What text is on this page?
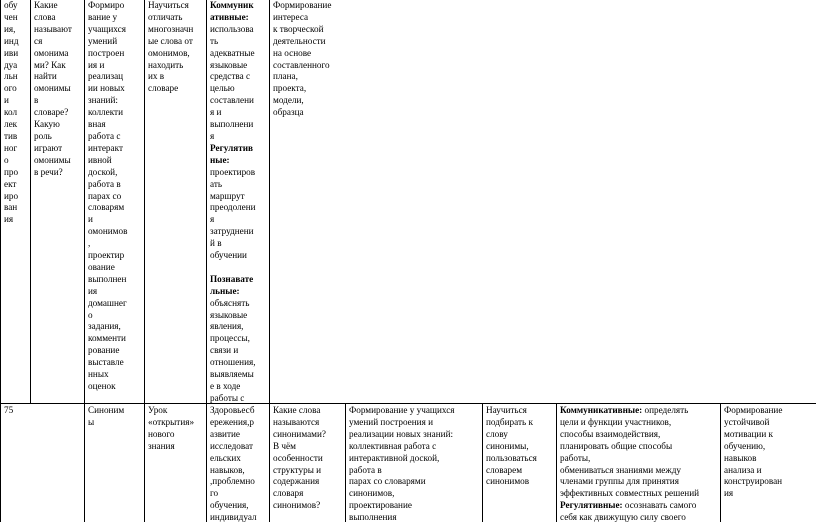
обу
чен
ия,
инд
иви
дуа
льн
ого
и
кол
лек
тив
ног
о
про
ект
иро
ван
ия
Какие
слова
называют
ся
омонима
ми? Как
найти
омонимы
в
словаре?
Какую
роль
играют
омонимы
в речи?
Формиро
вание у
учащихся
умений
построен
ия и
реализац
ии новых
знаний:
коллекти
вная
работа с
интеракт
ивной
доской,
работа в
парах со
словарям
и
омонимов
,
проектир
ование
выполнен
ия
домашнег
о
задания,
комменти
рование
выставле
нных
оценок
Научиться
отличать
многозначн
ые слова от
омонимов,
находить
их в
словаре
Коммуник
ативные:
использова
ть
адекватные
языковые
средства с
целью
составлени
я и
выполнени
я
Регулятив
ные:
проектиров
ать
маршрут
преодолени
я
затруднени
й в
обучении
Познавате
льные:
объяснять
языковые
явления,
процессы,
связи и
отношения,
выявляемы
е в ходе
работы с

Формирование
интереса
к творческой
деятельности
на основе
составленного
плана,
проекта,
модели,
образца
75	Синоним
ы
Урок
«открытия»
нового
знания
Здоровьесб
ережения,р
азвитие
исследоват
ельских
навыков,
,проблемно
го
обучения,
индивидуал
Какие слова
называются
синонимами?
В чём
особенности
структуры и
содержания
словаря
синонимов?
Формирование у учащихся
умений построения и
реализации новых знаний:
коллективная работа с
интерактивной доской,
работа в
парах со словарями
синонимов,
проектирование
выполнения
Научиться
подбирать к
слову
синонимы,
пользоваться
словарем
синонимов
Коммуникативные: определять
цели и функции участников,
способы взаимодействия,
планировать общие способы
работы,
обмениваться знаниями между
членами группы для принятия
эффективных совместных решений
Регулятивные: осознавать самого
себя как движущую силу своего
Формирование
устойчивой
мотивации к
обучению,
навыков
анализа и
конструирован
ия
